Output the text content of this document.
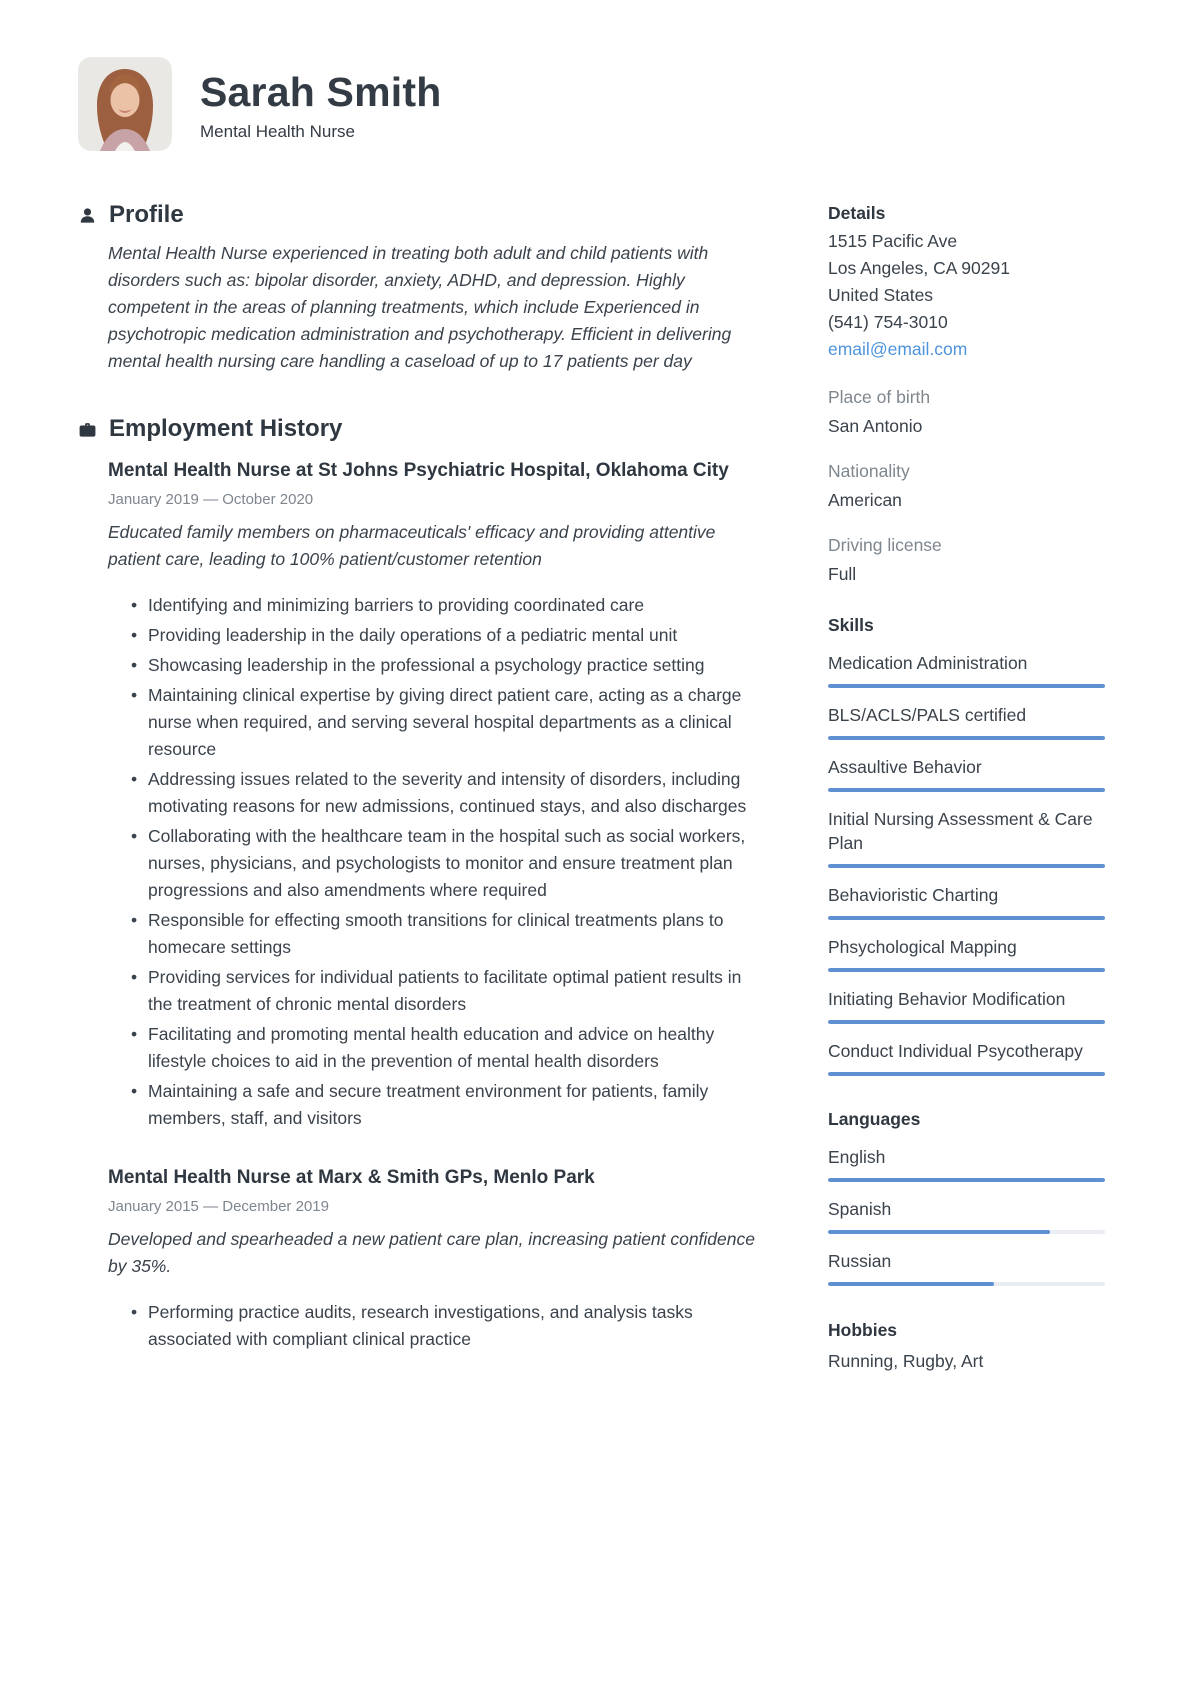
Sarah Smith
Mental Health Nurse
Profile

Mental Health Nurse experienced in treating both adult and child patients with disorders such as: bipolar disorder, anxiety, ADHD, and depression. Highly competent in the areas of planning treatments, which include Experienced in psychotropic medication administration and psychotherapy. Efficient in delivering mental health nursing care handling a caseload of up to 17 patients per day

Employment History
Mental Health Nurse at St Johns Psychiatric Hospital, Oklahoma City
January 2019 — October 2020
Educated family members on pharmaceuticals' efficacy and providing attentive patient care, leading to 100% patient/customer retention
• Identifying and minimizing barriers to providing coordinated care
• Providing leadership in the daily operations of a pediatric mental unit
• Showcasing leadership in the professional a psychology practice setting
• Maintaining clinical expertise by giving direct patient care, acting as a charge nurse when required, and serving several hospital departments as a clinical resource
• Addressing issues related to the severity and intensity of disorders, including motivating reasons for new admissions, continued stays, and also discharges
• Collaborating with the healthcare team in the hospital such as social workers, nurses, physicians, and psychologists to monitor and ensure treatment plan progressions and also amendments where required
• Responsible for effecting smooth transitions for clinical treatments plans to homecare settings
• Providing services for individual patients to facilitate optimal patient results in the treatment of chronic mental disorders
• Facilitating and promoting mental health education and advice on healthy lifestyle choices to aid in the prevention of mental health disorders
• Maintaining a safe and secure treatment environment for patients, family members, staff, and visitors
Mental Health Nurse at Marx & Smith GPs, Menlo Park
January 2015 — December 2019
Developed and spearheaded a new patient care plan, increasing patient confidence by 35%.
• Performing practice audits, research investigations, and analysis tasks associated with compliant clinical practice
Details
1515 Pacific Ave
Los Angeles, CA 90291
United States
(541) 754-3010
email@email.com
Place of birth
San Antonio
Nationality
American
Driving license
Full
Skills
Medication Administration
BLS/ACLS/PALS certified
Assaultive Behavior
Initial Nursing Assessment & Care Plan
Behavioristic Charting
Phsychological Mapping
Initiating Behavior Modification
Conduct Individual Psycotherapy
Languages
English
Spanish
Russian
Hobbies
Running, Rugby, Art
